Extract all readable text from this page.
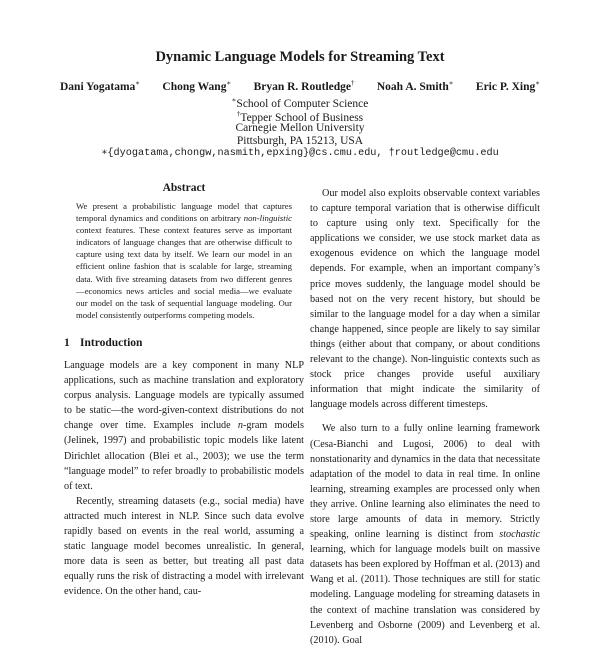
Dynamic Language Models for Streaming Text
Dani Yogatama∗ Chong Wang∗ Bryan R. Routledge† Noah A. Smith∗ Eric P. Xing∗
∗School of Computer Science
†Tepper School of Business
Carnegie Mellon University
Pittsburgh, PA 15213, USA
∗{dyogatama,chongw,nasmith,epxing}@cs.cmu.edu, †routledge@cmu.edu
Abstract

We present a probabilistic language model that captures temporal dynamics and conditions on arbitrary non-linguistic context features. These context features serve as important indicators of language changes that are otherwise difficult to capture using text data by itself. We learn our model in an efficient online fashion that is scalable for large, streaming data. With five streaming datasets from two different genres—economics news articles and social media—we evaluate our model on the task of sequential language modeling. Our model consistently outperforms competing models.

1 Introduction

Language models are a key component in many NLP applications, such as machine translation and exploratory corpus analysis. Language models are typically assumed to be static—the word-given-context distributions do not change over time. Examples include n-gram models (Jelinek, 1997) and probabilistic topic models like latent Dirichlet allocation (Blei et al., 2003); we use the term “language model” to refer broadly to probabilistic models of text.

Recently, streaming datasets (e.g., social media) have attracted much interest in NLP. Since such data evolve rapidly based on events in the real world, assuming a static language model becomes unrealistic. In general, more data is seen as better, but treating all past data equally runs the risk of distracting a model with irrelevant evidence. On the other hand, cau-

Our model also exploits observable context variables to capture temporal variation that is otherwise difficult to capture using only text. Specifically for the applications we consider, we use stock market data as exogenous evidence on which the language model depends. For example, when an important company’s price moves suddenly, the language model should be based not on the very recent history, but should be similar to the language model for a day when a similar change happened, since people are likely to say similar things (either about that company, or about conditions relevant to the change). Non-linguistic contexts such as stock price changes provide useful auxiliary information that might indicate the similarity of language models across different timesteps.

We also turn to a fully online learning framework (Cesa-Bianchi and Lugosi, 2006) to deal with nonstationarity and dynamics in the data that necessitate adaptation of the model to data in real time. In online learning, streaming examples are processed only when they arrive. Online learning also eliminates the need to store large amounts of data in memory. Strictly speaking, online learning is distinct from stochastic learning, which for language models built on massive datasets has been explored by Hoffman et al. (2013) and Wang et al. (2011). Those techniques are still for static modeling. Language modeling for streaming datasets in the context of machine translation was considered by Levenberg and Osborne (2009) and Levenberg et al. (2010). Goal
